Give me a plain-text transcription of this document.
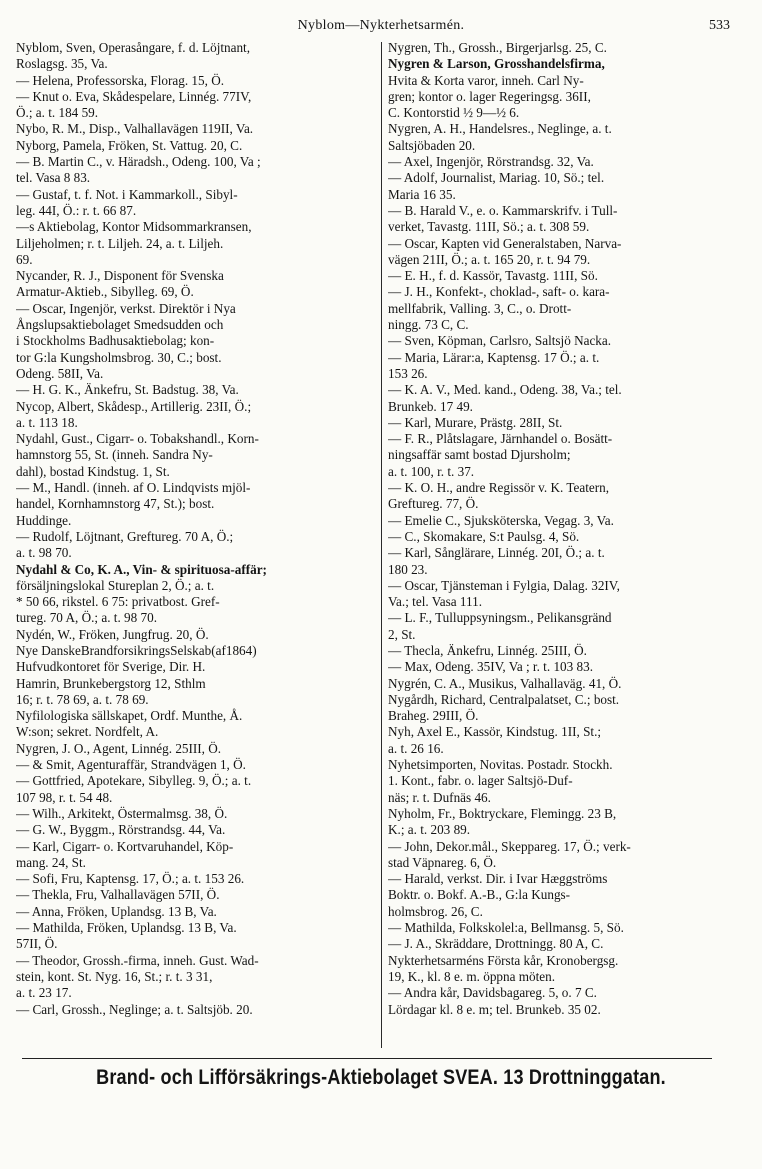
Nyblom—Nykterhetsarmén.	533
Nyblom, Sven, Operasångare, f. d. Löjtnant,
Roslagsg. 35, Va.
— Helena, Professorska, Florag. 15, Ö.
— Knut o. Eva, Skådespelare, Linnég. 77IV,
Ö.; a. t. 184 59.
Nybo, R. M., Disp., Valhallavägen 119II, Va.
Nyborg, Pamela, Fröken, St. Vattug. 20, C.
— B. Martin C., v. Häradsh., Odeng. 100, Va ;
tel. Vasa 8 83.
— Gustaf, t. f. Not. i Kammarkoll., Sibyl-
leg. 44I, Ö.: r. t. 66 87.
—s Aktiebolag, Kontor Midsommarkransen,
Liljeholmen; r. t. Liljeh. 24, a. t. Liljeh.
69.
Nycander, R. J., Disponent för Svenska
Armatur-Aktieb., Sibylleg. 69, Ö.
— Oscar, Ingenjör, verkst. Direktör i Nya
Ångslupsaktiebolaget Smedsudden och
i Stockholms Badhusaktiebolag; kon-
tor G:la Kungsholmsbrog. 30, C.; bost.
Odeng. 58II, Va.
— H. G. K., Änkefru, St. Badstug. 38, Va.
Nycop, Albert, Skådesp., Artillerig. 23II, Ö.;
a. t. 113 18.
Nydahl, Gust., Cigarr- o. Tobakshandl., Korn-
hamnstorg 55, St. (inneh. Sandra Ny-
dahl), bostad Kindstug. 1, St.
— M., Handl. (inneh. af O. Lindqvists mjöl-
handel, Kornhamnstorg 47, St.); bost.
Huddinge.
— Rudolf, Löjtnant, Greftureg. 70 A, Ö.;
a. t. 98 70.
Nydahl & Co, K. A., Vin- & spirituosa-affär;
försäljningslokal Stureplan 2, Ö.; a. t.
* 50 66, rikstel. 6 75: privatbost. Gref-
tureg. 70 A, Ö.; a. t. 98 70.
Nydén, W., Fröken, Jungfrug. 20, Ö.
Nye DanskeBrandforsikringsSelskab(af1864)
Hufvudkontoret för Sverige, Dir. H.
Hamrin, Brunkebergstorg 12, Sthlm
16; r. t. 78 69, a. t. 78 69.
Nyfilologiska sällskapet, Ordf. Munthe, Å.
W:son; sekret. Nordfelt, A.
Nygren, J. O., Agent, Linnég. 25III, Ö.
— & Smit, Agenturaffär, Strandvägen 1, Ö.
— Gottfried, Apotekare, Sibylleg. 9, Ö.; a. t.
107 98, r. t. 54 48.
— Wilh., Arkitekt, Östermalmsg. 38, Ö.
— G. W., Byggm., Rörstrandsg. 44, Va.
— Karl, Cigarr- o. Kortvaruhandel, Köp-
mang. 24, St.
— Sofi, Fru, Kaptensg. 17, Ö.; a. t. 153 26.
— Thekla, Fru, Valhallavägen 57II, Ö.
— Anna, Fröken, Uplandsg. 13 B, Va.
— Mathilda, Fröken, Uplandsg. 13 B, Va.
57II, Ö.
— Theodor, Grossh.-firma, inneh. Gust. Wad-
stein, kont. St. Nyg. 16, St.; r. t. 3 31,
a. t. 23 17.
— Carl, Grossh., Neglinge; a. t. Saltsjöb. 20.
Nygren, Th., Grossh., Birgerjarlsg. 25, C.
Nygren & Larson, Grosshandelsfirma,
Hvita & Korta varor, inneh. Carl Ny-
gren; kontor o. lager Regeringsg. 36II,
C. Kontorstid ½ 9—½ 6.
Nygren, A. H., Handelsres., Neglinge, a. t.
Saltsjöbaden 20.
— Axel, Ingenjör, Rörstrandsg. 32, Va.
— Adolf, Journalist, Mariag. 10, Sö.; tel.
Maria 16 35.
— B. Harald V., e. o. Kammarskrifv. i Tull-
verket, Tavastg. 11II, Sö.; a. t. 308 59.
— Oscar, Kapten vid Generalstaben, Narva-
vägen 21II, Ö.; a. t. 165 20, r. t. 94 79.
— E. H., f. d. Kassör, Tavastg. 11II, Sö.
— J. H., Konfekt-, choklad-, saft- o. kara-
mellfabrik, Valling. 3, C., o. Drott-
ningg. 73 C, C.
— Sven, Köpman, Carlsro, Saltsjö Nacka.
— Maria, Lärar:a, Kaptensg. 17 Ö.; a. t.
153 26.
— K. A. V., Med. kand., Odeng. 38, Va.; tel.
Brunkeb. 17 49.
— Karl, Murare, Prästg. 28II, St.
— F. R., Plåtslagare, Järnhandel o. Bosätt-
ningsaffär samt bostad Djursholm;
a. t. 100, r. t. 37.
— K. O. H., andre Regissör v. K. Teatern,
Greftureg. 77, Ö.
— Emelie C., Sjuksköterska, Vegag. 3, Va.
— C., Skomakare, S:t Paulsg. 4, Sö.
— Karl, Sånglärare, Linnég. 20I, Ö.; a. t.
180 23.
— Oscar, Tjänsteman i Fylgia, Dalag. 32IV,
Va.; tel. Vasa 111.
— L. F., Tulluppsyningsm., Pelikansgränd
2, St.
— Thecla, Änkefru, Linnég. 25III, Ö.
— Max, Odeng. 35IV, Va ; r. t. 103 83.
Nygrén, C. A., Musikus, Valhallaväg. 41, Ö.
Nygårdh, Richard, Centralpalatset, C.; bost.
Braheg. 29III, Ö.
Nyh, Axel E., Kassör, Kindstug. 1II, St.;
a. t. 26 16.
Nyhetsimporten, Novitas. Postadr. Stockh.
1. Kont., fabr. o. lager Saltsjö-Duf-
näs; r. t. Dufnäs 46.
Nyholm, Fr., Boktryckare, Flemingg. 23 B,
K.; a. t. 203 89.
— John, Dekor.mål., Skeppareg. 17, Ö.; verk-
stad Väpnareg. 6, Ö.
— Harald, verkst. Dir. i Ivar Hæggströms
Boktr. o. Bokf. A.-B., G:la Kungs-
holmsbrog. 26, C.
— Mathilda, Folkskolel:a, Bellmansg. 5, Sö.
— J. A., Skräddare, Drottningg. 80 A, C.
Nykterhetsarméns Första kår, Kronobergsg.
19, K., kl. 8 e. m. öppna möten.
— Andra kår, Davidsbagareg. 5, o. 7 C.
Lördagar kl. 8 e. m; tel. Brunkeb. 35 02.
Brand- och Lifförsäkrings-Aktiebolaget SVEA. 13 Drottninggatan.
